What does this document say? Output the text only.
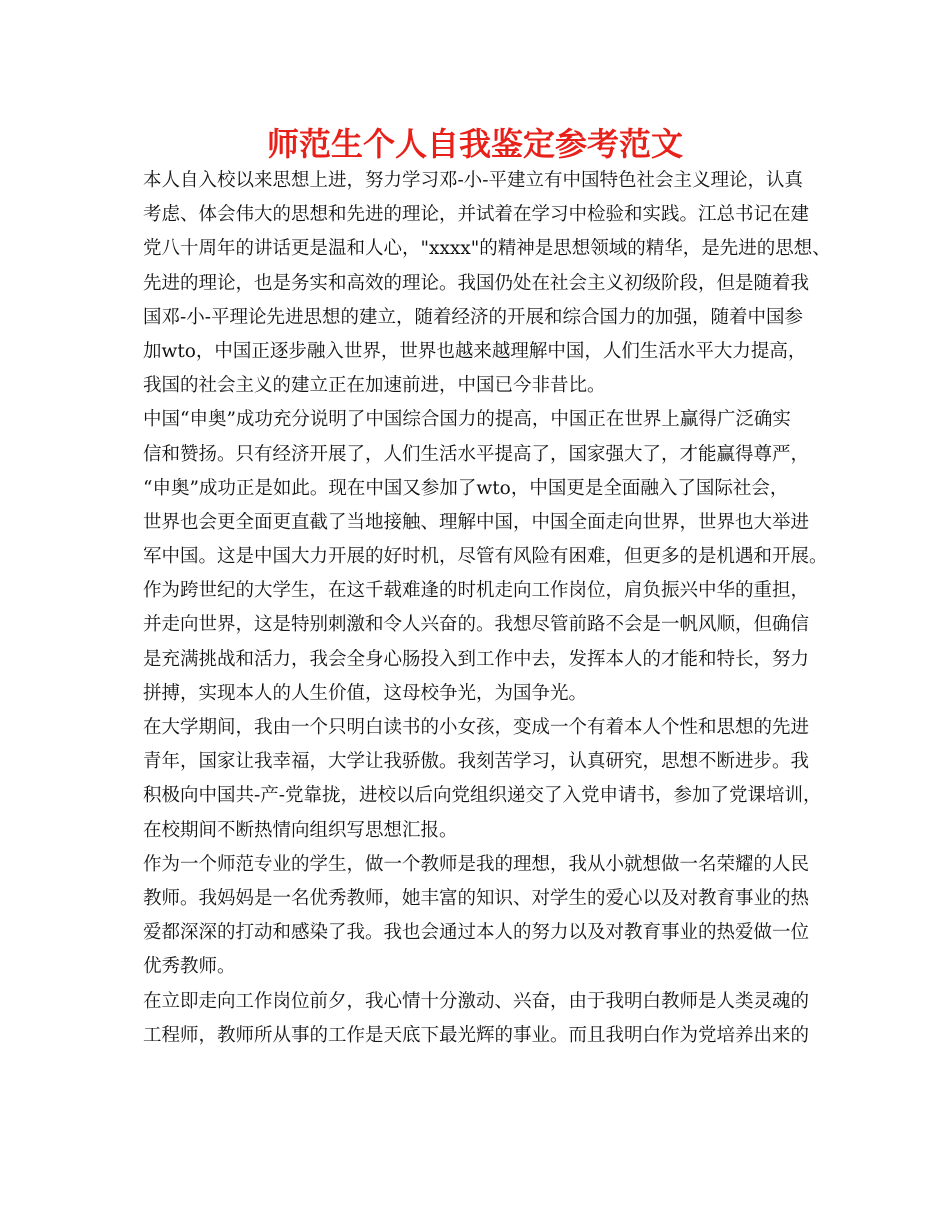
师范生个人自我鉴定参考范文

本人自入校以来思想上进，努力学习邓-小-平建立有中国特色社会主义理论，认真

考虑、体会伟大的思想和先进的理论，并试着在学习中检验和实践。江总书记在建

党八十周年的讲话更是温和人心，"xxxx"的精神是思想领域的精华，是先进的思想、

先进的理论，也是务实和高效的理论。我国仍处在社会主义初级阶段，但是随着我

国邓-小-平理论先进思想的建立，随着经济的开展和综合国力的加强，随着中国参

加wto，中国正逐步融入世界，世界也越来越理解中国，人们生活水平大力提高，

我国的社会主义的建立正在加速前进，中国已今非昔比。

中国“申奥”成功充分说明了中国综合国力的提高，中国正在世界上赢得广泛确实

信和赞扬。只有经济开展了，人们生活水平提高了，国家强大了，才能赢得尊严，

“申奥”成功正是如此。现在中国又参加了wto，中国更是全面融入了国际社会，

世界也会更全面更直截了当地接触、理解中国，中国全面走向世界，世界也大举进

军中国。这是中国大力开展的好时机，尽管有风险有困难，但更多的是机遇和开展。

作为跨世纪的大学生，在这千载难逢的时机走向工作岗位，肩负振兴中华的重担，

并走向世界，这是特别刺激和令人兴奋的。我想尽管前路不会是一帆风顺，但确信

是充满挑战和活力，我会全身心肠投入到工作中去，发挥本人的才能和特长，努力

拼搏，实现本人的人生价值，这母校争光，为国争光。

在大学期间，我由一个只明白读书的小女孩，变成一个有着本人个性和思想的先进

青年，国家让我幸福，大学让我骄傲。我刻苦学习，认真研究，思想不断进步。我

积极向中国共-产-党靠拢，进校以后向党组织递交了入党申请书，参加了党课培训，

在校期间不断热情向组织写思想汇报。

作为一个师范专业的学生，做一个教师是我的理想，我从小就想做一名荣耀的人民

教师。我妈妈是一名优秀教师，她丰富的知识、对学生的爱心以及对教育事业的热

爱都深深的打动和感染了我。我也会通过本人的努力以及对教育事业的热爱做一位

优秀教师。

在立即走向工作岗位前夕，我心情十分激动、兴奋，由于我明白教师是人类灵魂的

工程师，教师所从事的工作是天底下最光辉的事业。而且我明白作为党培养出来的
